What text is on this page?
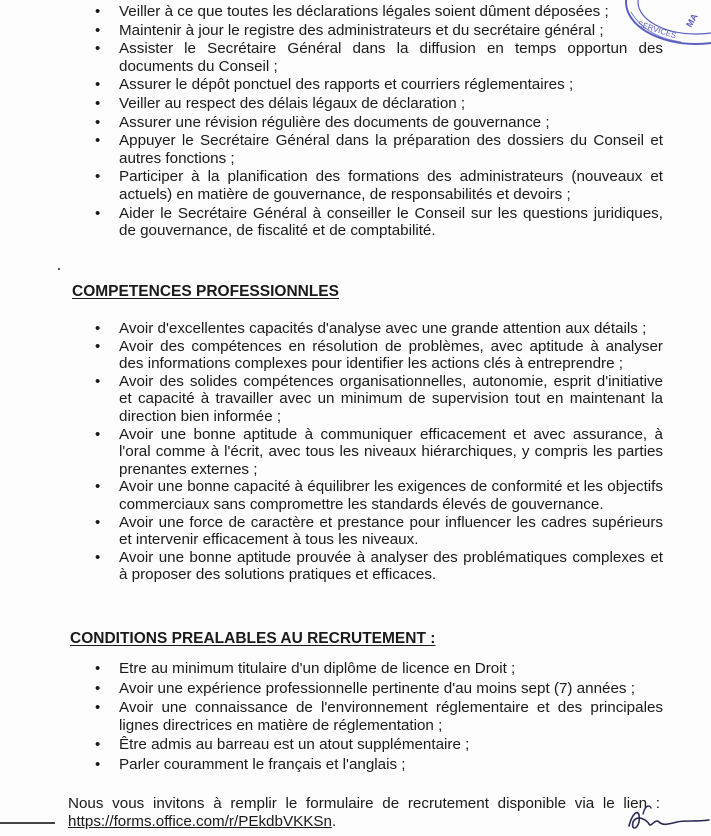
• Veiller à ce que toutes les déclarations légales soient dûment déposées ;
• Maintenir à jour le registre des administrateurs et du secrétaire général ;
• Assister le Secrétaire Général dans la diffusion en temps opportun des documents du Conseil ;
• Assurer le dépôt ponctuel des rapports et courriers réglementaires ;
• Veiller au respect des délais légaux de déclaration ;
• Assurer une révision régulière des documents de gouvernance ;
• Appuyer le Secrétaire Général dans la préparation des dossiers du Conseil et autres fonctions ;
• Participer à la planification des formations des administrateurs (nouveaux et actuels) en matière de gouvernance, de responsabilités et devoirs ;
• Aider le Secrétaire Général à conseiller le Conseil sur les questions juridiques, de gouvernance, de fiscalité et de comptabilité.
COMPETENCES PROFESSIONNLES
• Avoir d'excellentes capacités d'analyse avec une grande attention aux détails ;
• Avoir des compétences en résolution de problèmes, avec aptitude à analyser des informations complexes pour identifier les actions clés à entreprendre ;
• Avoir des solides compétences organisationnelles, autonomie, esprit d'initiative et capacité à travailler avec un minimum de supervision tout en maintenant la direction bien informée ;
• Avoir une bonne aptitude à communiquer efficacement et avec assurance, à l'oral comme à l'écrit, avec tous les niveaux hiérarchiques, y compris les parties prenantes externes ;
• Avoir une bonne capacité à équilibrer les exigences de conformité et les objectifs commerciaux sans compromettre les standards élevés de gouvernance.
• Avoir une force de caractère et prestance pour influencer les cadres supérieurs et intervenir efficacement à tous les niveaux.
• Avoir une bonne aptitude prouvée à analyser des problématiques complexes et à proposer des solutions pratiques et efficaces.
CONDITIONS PREALABLES AU RECRUTEMENT :
• Etre au minimum titulaire d'un diplôme de licence en Droit ;
• Avoir une expérience professionnelle pertinente d'au moins sept (7) années ;
• Avoir une connaissance de l'environnement réglementaire et des principales lignes directrices en matière de réglementation ;
• Être admis au barreau est un atout supplémentaire ;
• Parler couramment le français et l'anglais ;
Nous vous invitons à remplir le formulaire de recrutement disponible via le lien :
https://forms.office.com/r/PEkdbVKKSn.
SERVICES MA
